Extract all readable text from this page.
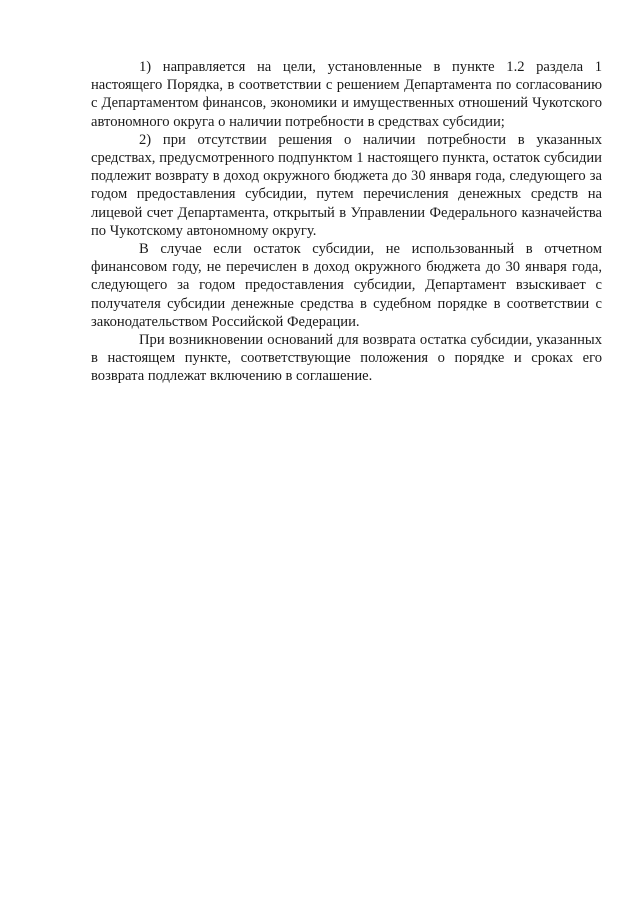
1) направляется на цели, установленные в пункте 1.2 раздела 1 настоящего Порядка, в соответствии с решением Департамента по согласованию с Департаментом финансов, экономики и имущественных отношений Чукотского автономного округа о наличии потребности в средствах субсидии;

2) при отсутствии решения о наличии потребности в указанных средствах, предусмотренного подпунктом 1 настоящего пункта, остаток субсидии подлежит возврату в доход окружного бюджета до 30 января года, следующего за годом предоставления субсидии, путем перечисления денежных средств на лицевой счет Департамента, открытый в Управлении Федерального казначейства по Чукотскому автономному округу.

В случае если остаток субсидии, не использованный в отчетном финансовом году, не перечислен в доход окружного бюджета до 30 января года, следующего за годом предоставления субсидии, Департамент взыскивает с получателя субсидии денежные средства в судебном порядке в соответствии с законодательством Российской Федерации.

При возникновении оснований для возврата остатка субсидии, указанных в настоящем пункте, соответствующие положения о порядке и сроках его возврата подлежат включению в соглашение.
